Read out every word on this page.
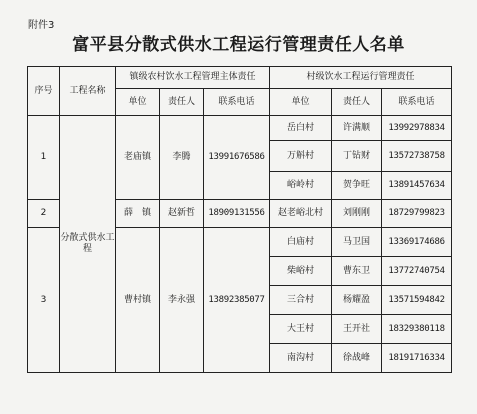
附件3
富平县分散式供水工程运行管理责任人名单
序号	工程名称	镇级农村饮水工程管理主体责任			村级饮水工程运行管理责任		
		单位	责任人	联系电话	单位	责任人	联系电话
1	分散式供水工程	老庙镇	李腾	13991676586	岳白村	许满顺	13992978834
					万斛村	丁钻财	13572738758
					峪岭村	贺争旺	13891457634
2		薛　镇	赵新哲	18909131556	赵老峪北村	刘刚刚	18729799823
3		曹村镇	李永强	13892385077	白庙村	马卫国	13369174686
					柴峪村	曹东卫	13772740754
					三合村	杨耀盈	13571594842
					大王村	王开社	18329380118
					南沟村	徐战峰	18191716334
